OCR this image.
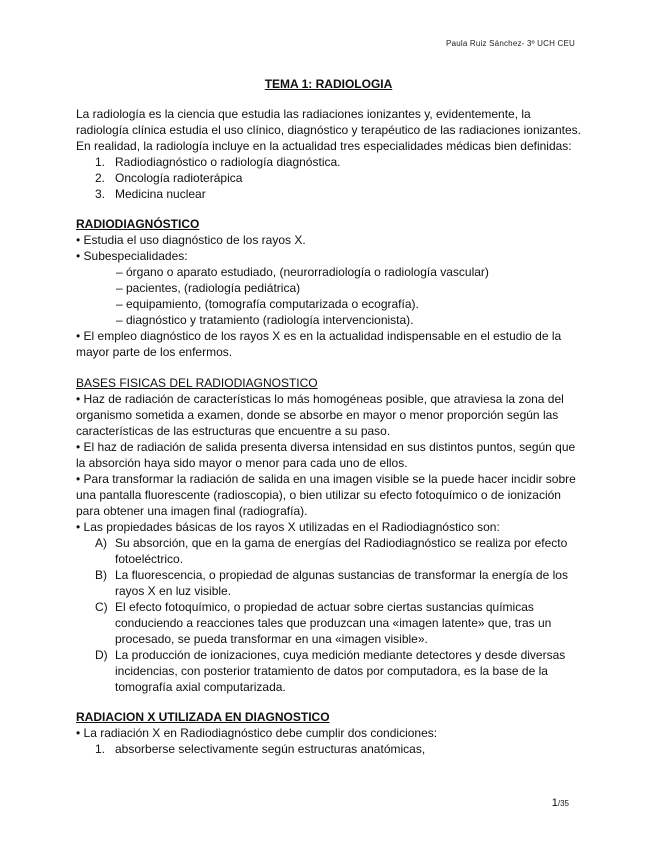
Paula Ruiz Sánchez- 3º UCH CEU

TEMA 1: RADIOLOGIA

La radiología es la ciencia que estudia las radiaciones ionizantes y, evidentemente, la radiología clínica estudia el uso clínico, diagnóstico y terapéutico de las radiaciones ionizantes.

En realidad, la radiología incluye en la actualidad tres especialidades médicas bien definidas:

1. Radiodiagnóstico o radiología diagnóstica.
2. Oncología radioterápica
3. Medicina nuclear

RADIODIAGNÓSTICO

• Estudia el uso diagnóstico de los rayos X.

• Subespecialidades:

– órgano o aparato estudiado, (neurorradiología o radiología vascular)
– pacientes, (radiología pediátrica)
– equipamiento, (tomografía computarizada o ecografía).
– diagnóstico y tratamiento (radiología intervencionista).

• El empleo diagnóstico de los rayos X es en la actualidad indispensable en el estudio de la mayor parte de los enfermos.

BASES FISICAS DEL RADIODIAGNOSTICO

• Haz de radiación de características lo más homogéneas posible, que atraviesa la zona del organismo sometida a examen, donde se absorbe en mayor o menor proporción según las características de las estructuras que encuentre a su paso.

• El haz de radiación de salida presenta diversa intensidad en sus distintos puntos, según que la absorción haya sido mayor o menor para cada uno de ellos.

• Para transformar la radiación de salida en una imagen visible se la puede hacer incidir sobre una pantalla fluorescente (radioscopia), o bien utilizar su efecto fotoquímico o de ionización para obtener una imagen final (radiografía).

• Las propiedades básicas de los rayos X utilizadas en el Radiodiagnóstico son:

A) Su absorción, que en la gama de energías del Radiodiagnóstico se realiza por efecto fotoeléctrico.
B) La fluorescencia, o propiedad de algunas sustancias de transformar la energía de los rayos X en luz visible.
C) El efecto fotoquímico, o propiedad de actuar sobre ciertas sustancias químicas conduciendo a reacciones tales que produzcan una «imagen latente» que, tras un procesado, se pueda transformar en una «imagen visible».
D) La producción de ionizaciones, cuya medición mediante detectores y desde diversas incidencias, con posterior tratamiento de datos por computadora, es la base de la tomografía axial computarizada.

RADIACION X UTILIZADA EN DIAGNOSTICO

• La radiación X en Radiodiagnóstico debe cumplir dos condiciones:

1. absorberse selectivamente según estructuras anatómicas,
1/35
